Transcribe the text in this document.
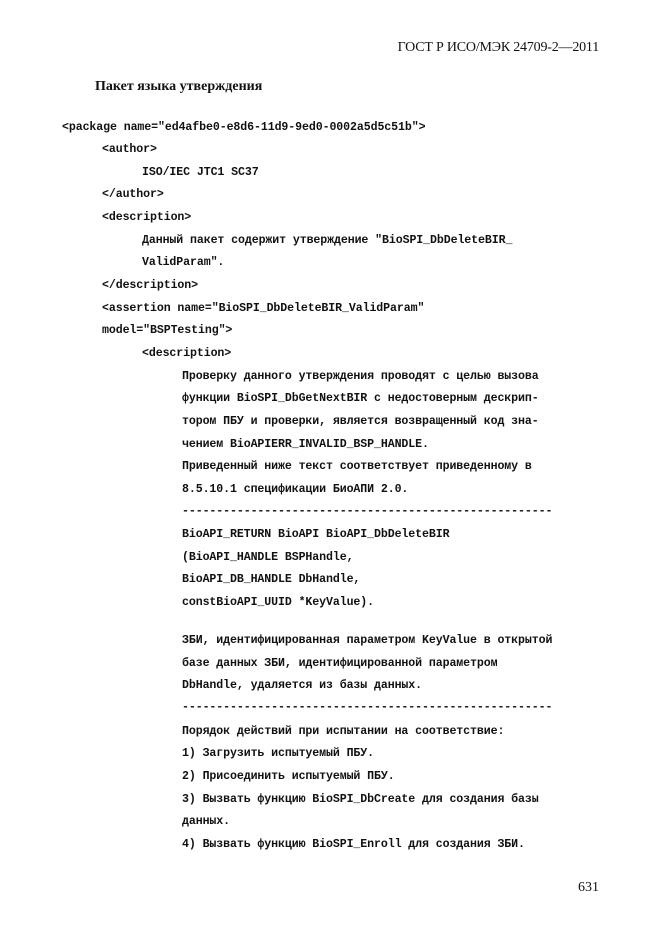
ГОСТ Р ИСО/МЭК 24709-2—2011
Пакет языка утверждения
<package name="ed4afbe0-e8d6-11d9-9ed0-0002a5d5c51b">
<author>
ISO/IEC JTC1 SC37
</author>
<description>
Данный пакет содержит утверждение "BioSPI_DbDeleteBIR_
ValidParam".
</description>
<assertion name="BioSPI_DbDeleteBIR_ValidParam"
model="BSPTesting">
<description>
Проверку данного утверждения проводят с целью вызова
функции BioSPI_DbGetNextBIR с недостоверным дескрип-
тором ПБУ и проверки, является возвращенный код зна-
чением BioAPIERR_INVALID_BSP_HANDLE.
Приведенный ниже текст соответствует приведенному в
8.5.10.1 спецификации БиоАПИ 2.0.
------------------------------------------------------
BioAPI_RETURN BioAPI BioAPI_DbDeleteBIR
(BioAPI_HANDLE BSPHandle,
BioAPI_DB_HANDLE DbHandle,
constBioAPI_UUID *KeyValue).
ЗБИ, идентифицированная параметром KeyValue в открытой
базе данных ЗБИ, идентифицированной параметром
DbHandle, удаляется из базы данных.
------------------------------------------------------
Порядок действий при испытании на соответствие:
1) Загрузить испытуемый ПБУ.
2) Присоединить испытуемый ПБУ.
3) Вызвать функцию BioSPI_DbCreate для создания базы
данных.
4) Вызвать функцию BioSPI_Enroll для создания ЗБИ.
631
